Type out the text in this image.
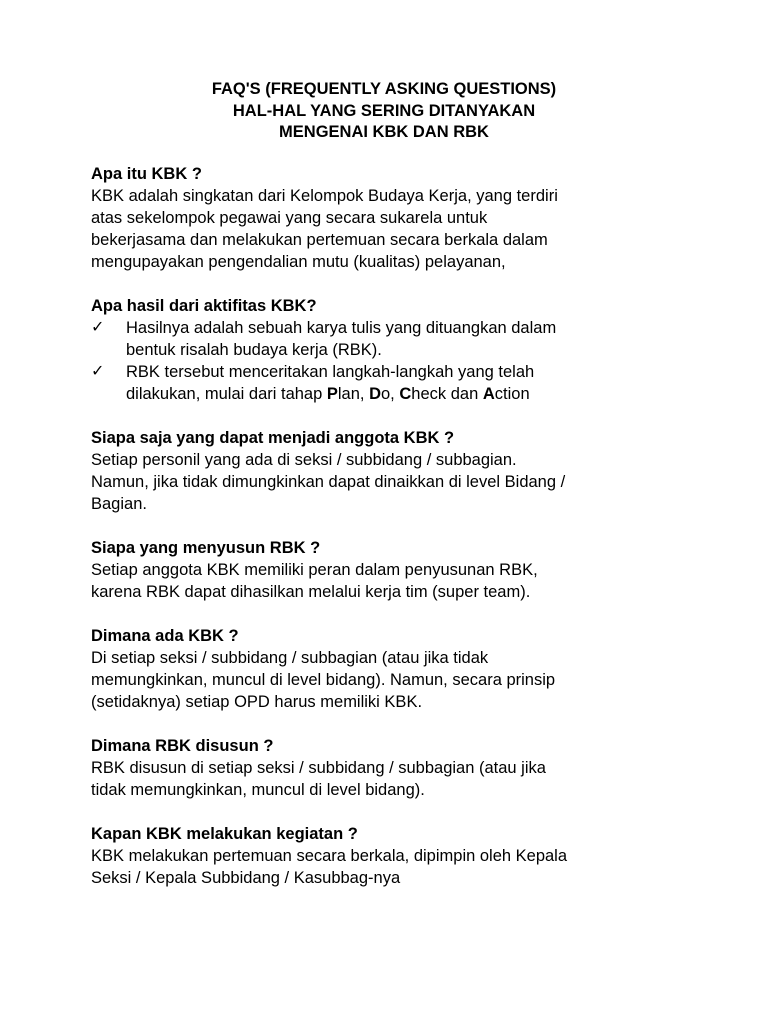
FAQ'S (FREQUENTLY ASKING QUESTIONS)
HAL-HAL YANG SERING DITANYAKAN
MENGENAI KBK DAN RBK
Apa itu KBK ?
KBK adalah singkatan dari Kelompok Budaya Kerja, yang terdiri
atas sekelompok pegawai yang secara sukarela untuk
bekerjasama dan melakukan pertemuan secara berkala dalam
mengupayakan pengendalian mutu (kualitas) pelayanan,
Apa hasil dari aktifitas KBK?
✓ Hasilnya adalah sebuah karya tulis yang dituangkan dalam
bentuk risalah budaya kerja (RBK).
✓ RBK tersebut menceritakan langkah-langkah yang telah
dilakukan, mulai dari tahap Plan, Do, Check dan Action
Siapa saja yang dapat menjadi anggota KBK ?
Setiap personil yang ada di seksi / subbidang / subbagian.
Namun, jika tidak dimungkinkan dapat dinaikkan di level Bidang /
Bagian.
Siapa yang menyusun RBK ?
Setiap anggota KBK memiliki peran dalam penyusunan RBK,
karena RBK dapat dihasilkan melalui kerja tim (super team).
Dimana ada KBK ?
Di setiap seksi / subbidang / subbagian (atau jika tidak
memungkinkan, muncul di level bidang). Namun, secara prinsip
(setidaknya) setiap OPD harus memiliki KBK.
Dimana RBK disusun ?
RBK disusun di setiap seksi / subbidang / subbagian (atau jika
tidak memungkinkan, muncul di level bidang).
Kapan KBK melakukan kegiatan ?
KBK melakukan pertemuan secara berkala, dipimpin oleh Kepala
Seksi / Kepala Subbidang / Kasubbag-nya
